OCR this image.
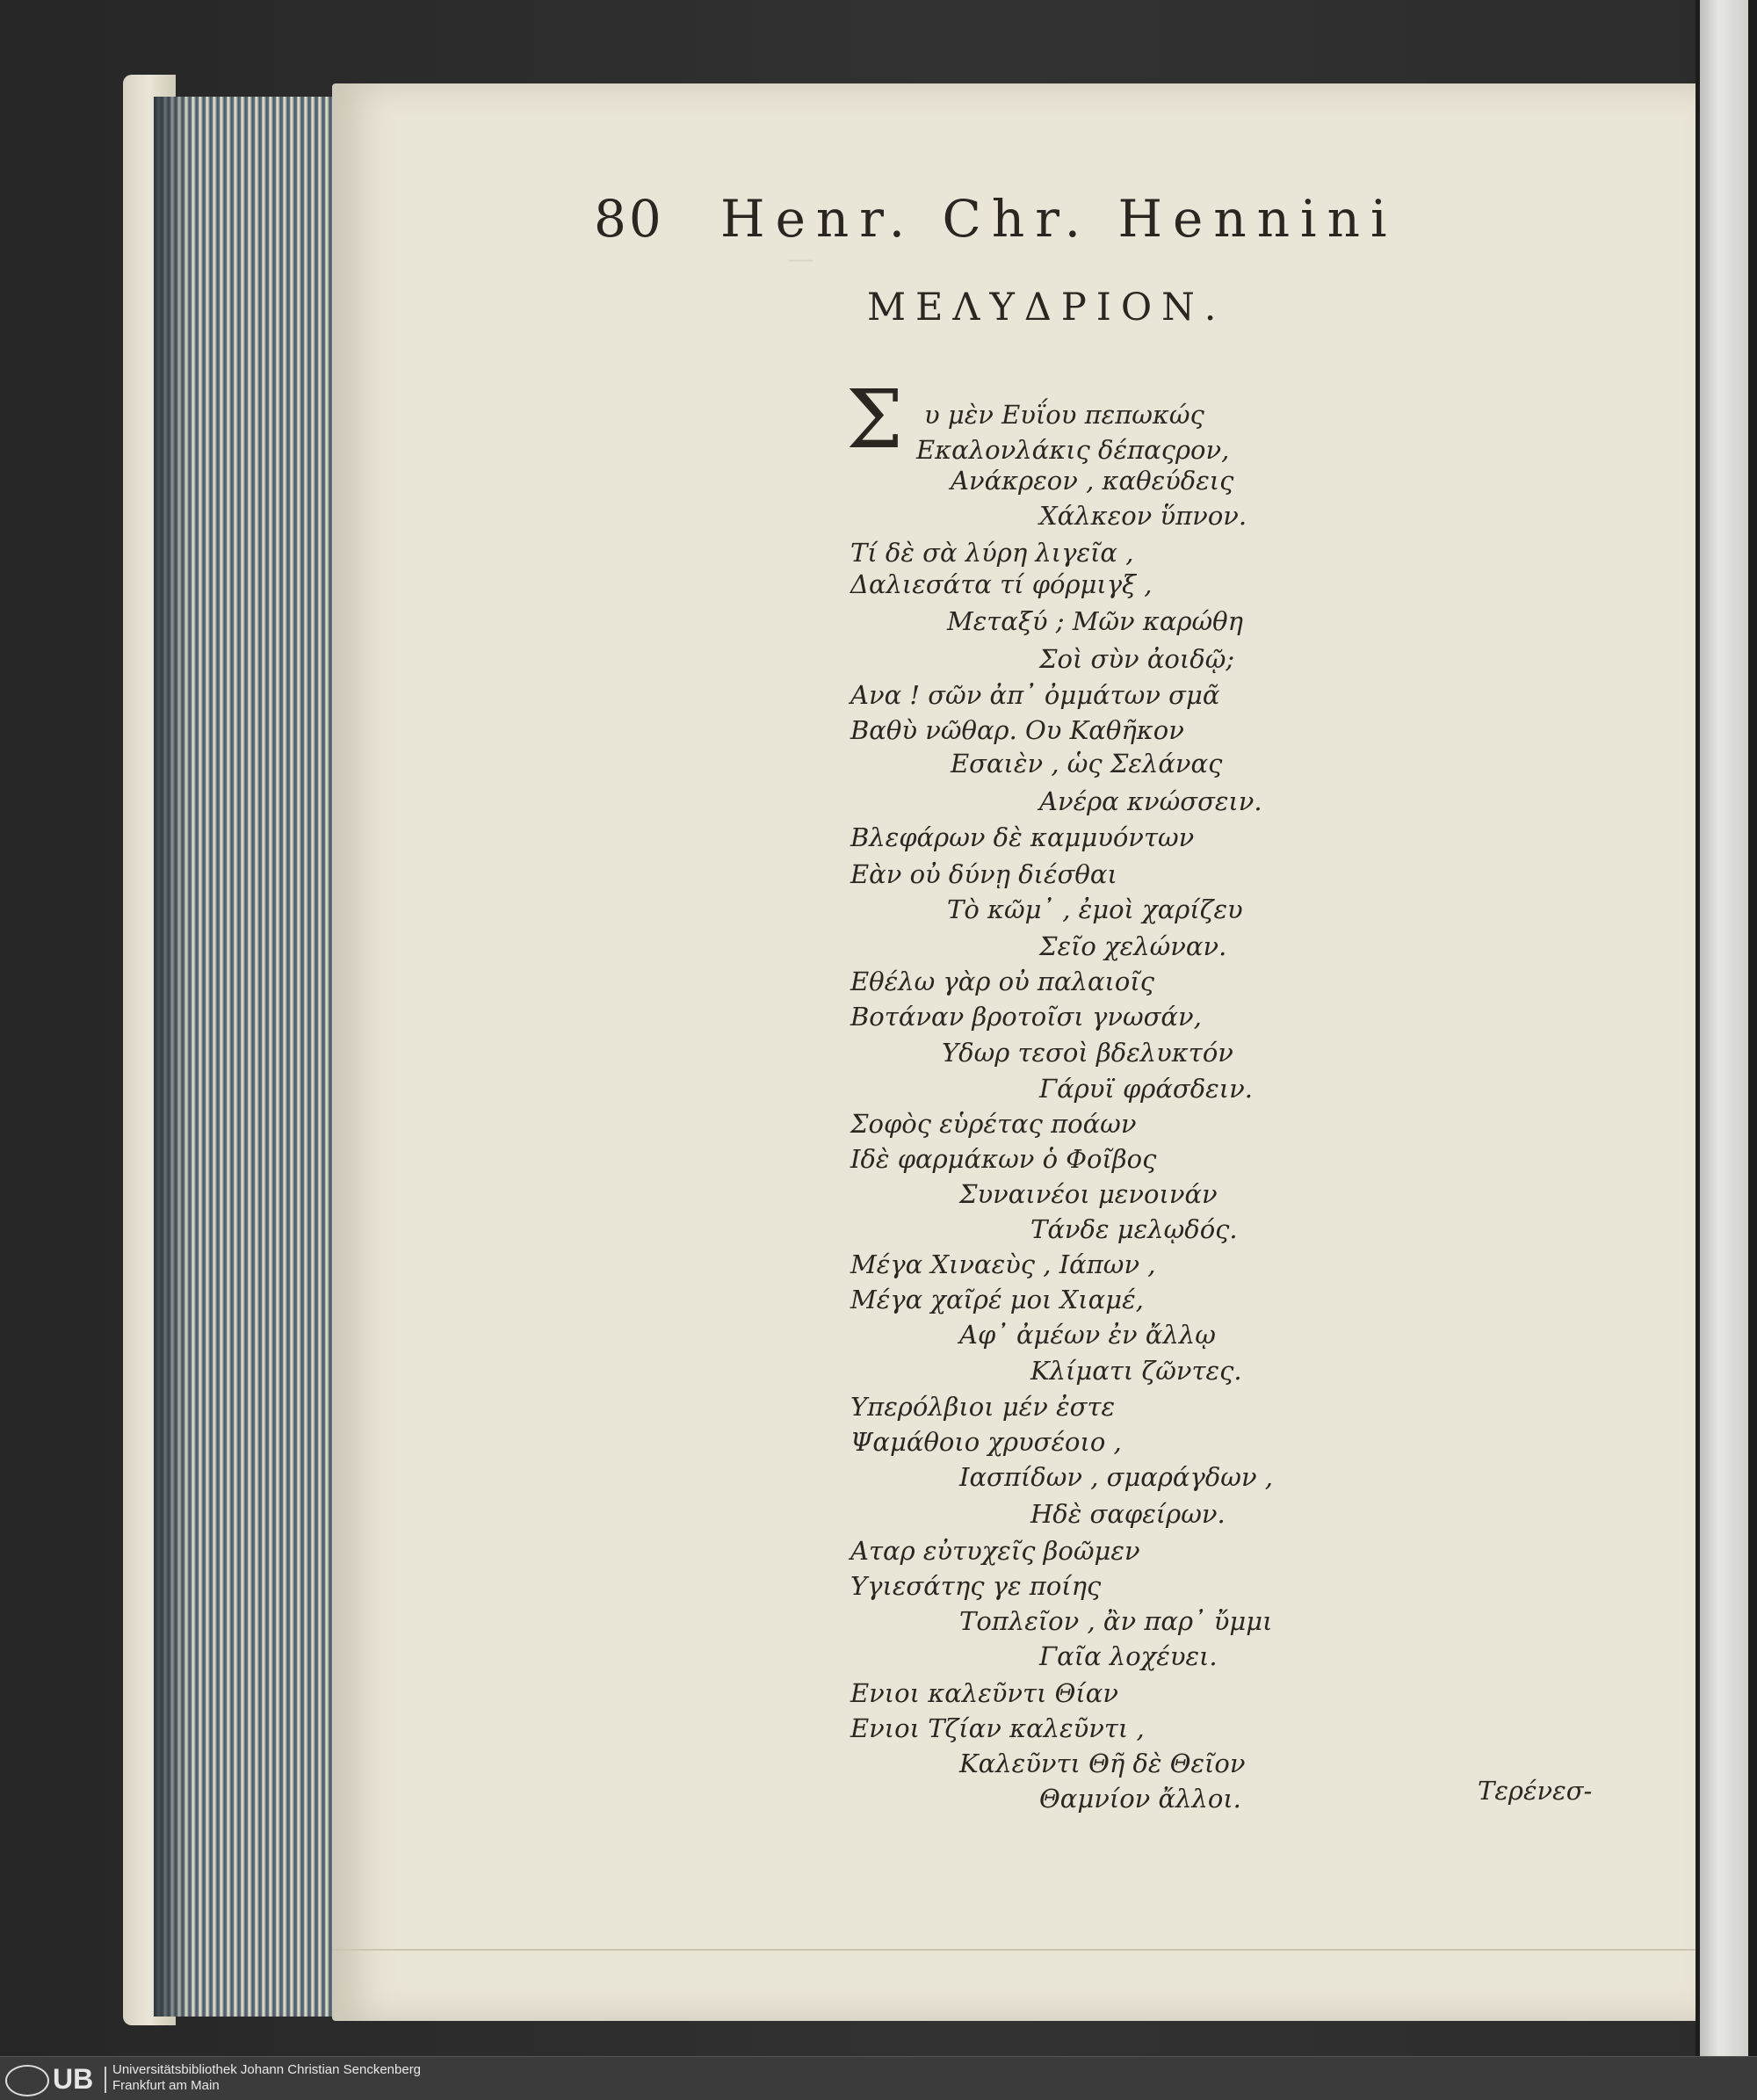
―
80 Henr. Chr. Hennini
ΜΕΛΥΔΡΙΟΝ.
Σ υ μὲν Ευΐου πεπωκώς
Εκαλονλάκις δέπαςρον,
Ανάκρεον , καθεύδεις
Χάλκεον ὕπνον.
Τί δὲ σὰ λύρη λιγεῖα ,
Δαλιεσάτα τί φόρμιγξ ,
Μεταξύ ; Μῶν καρώθη
Σοὶ σὺν ἀοιδῷ;
Ανα ! σῶν ἀπ᾿ ὀμμάτων σμᾶ
Βαθὺ νῶθαρ. Ου Καθῆκον
Εσαιὲν , ὡς Σελάνας
Ανέρα κνώσσειν.
Βλεφάρων δὲ καμμυόντων
Εὰν οὐ δύνῃ διέσθαι
Τὸ κῶμ᾿ , ἐμοὶ χαρίζευ
Σεῖο χελώναν.
Εθέλω γὰρ οὐ παλαιοῖς
Βοτάναν βροτοῖσι γνωσάν,
Υδωρ τεσοὶ βδελυκτόν
Γάρυϊ φράσδειν.
Σοφὸς εὑρέτας ποάων
Ιδὲ φαρμάκων ὁ Φοῖβος
Συναινέοι μενοινάν
Τάνδε μελῳδός.
Μέγα Χιναεὺς , Ιάπων ,
Μέγα χαῖρέ μοι Χιαμέ,
Αφ᾿ ἀμέων ἐν ἄλλῳ
Κλίματι ζῶντες.
Υπερόλβιοι μέν ἐστε
Ψαμάθοιο χρυσέοιο ,
Ιασπίδων , σμαράγδων ,
Ηδὲ σαφείρων.
Αταρ εὐτυχεῖς βοῶμεν
Υγιεσάτης γε ποίης
Τοπλεῖον , ἂν παρ᾿ ὔμμι
Γαῖα λοχέυει.
Ενιοι καλεῦντι Θίαν
Ενιοι Τζίαν καλεῦντι ,
Καλεῦντι Θῆ δὲ Θεῖον
Θαμνίον ἄλλοι.	Τερένεσ-
UB Universitätsbibliothek Johann Christian Senckenberg
Frankfurt am Main
